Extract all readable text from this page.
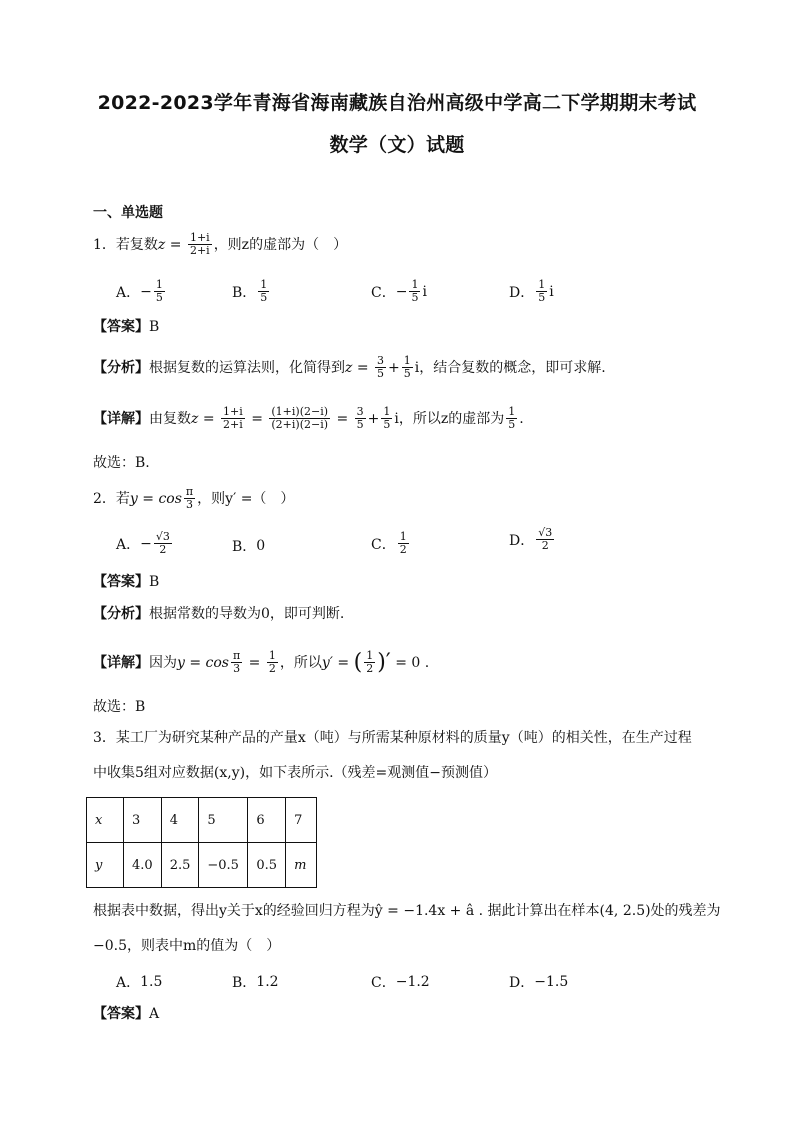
2022-2023学年青海省海南藏族自治州高级中学高二下学期期末考试
数学（文）试题
一、单选题
1．若复数 $z = \frac{1+i}{2+i}$ ，则z的虚部为（　）
A． − $\frac{1}{5}$	B． $\frac{1}{5}$	C． − $\frac{1}{5}$ i	D． $\frac{1}{5}$ i
【答案】B
【分析】 根据复数的运算法则，化简得到 $z = \frac{3}{5} + \frac{1}{5}$ i ，结合复数的概念，即可求解.
【详解】 由复数 $z = \frac{1+i}{2+i} = \frac{(1+i)(2-i)}{(2+i)(2-i)} = \frac{3}{5} + \frac{1}{5}$ i ，所以z的虚部为 $\frac{1}{5}$ .
故选：B.
2．若 $y = \cos \frac{\pi}{3}$ ，则y′ =（　）
A． − $\frac{√3}{2}$	B． 0	C． $\frac{1}{2}$	D． $\frac{√3}{2}$
【答案】B
【分析】根据常数的导数为0，即可判断.
【详解】 因为 $y = \cos \frac{\pi}{3} = \frac{1}{2}$ ，所以 y′ = ( $\frac{1}{2}$ )′ = 0 .
故选：B
3．某工厂为研究某种产品的产量x（吨）与所需某种原材料的质量y（吨）的相关性，在生产过程
中收集5组对应数据(x,y)，如下表所示.（残差=观测值−预测值）
x	3	4	5	6	7
y	4.0	2.5	−0.5	0.5	m
根据表中数据，得出y关于x的经验回归方程为ŷ = −1.4x + â . 据此计算出在样本(4, 2.5)处的残差为
−0.5，则表中m的值为（　）
A． 1.5	B． 1.2	C． −1.2	D． −1.5
【答案】A
